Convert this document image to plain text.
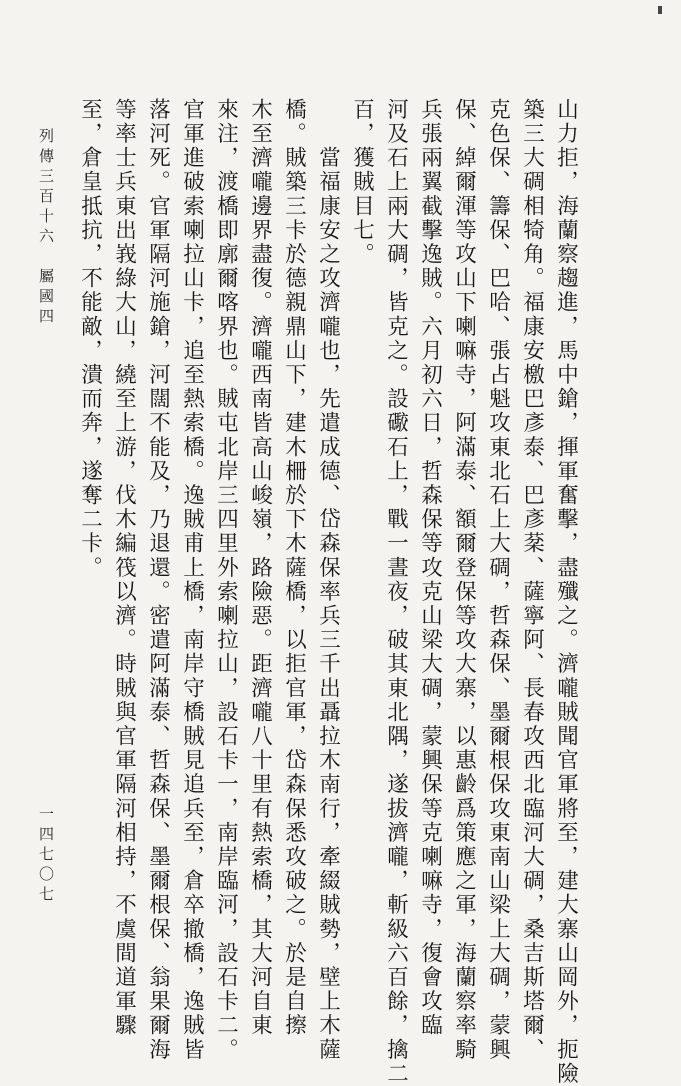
山力拒，海蘭察趨進，馬中鎗，揮軍奮擊，盡殲之。濟嚨賊聞官軍將至，建大寨山岡外，扼險
築三大碉相犄角。福康安檄巴彥泰、巴彥棻、薩寧阿、長春攻西北臨河大碉，桑吉斯塔爾、
克色保、籌保、巴哈、張占魁攻東北石上大碉，哲森保、墨爾根保攻東南山梁上大碉，蒙興
保、綽爾渾等攻山下喇嘛寺，阿滿泰、額爾登保等攻大寨，以惠齡爲策應之軍，海蘭察率騎
兵張兩翼截擊逸賊。六月初六日，哲森保等攻克山梁大碉，蒙興保等克喇嘛寺，復會攻臨
河及石上兩大碉，皆克之。設礮石上，戰一晝夜，破其東北隅，遂拔濟嚨，斬級六百餘，擒二
百，獲賊目七。
　　當福康安之攻濟嚨也，先遣成德、岱森保率兵三千出聶拉木南行，牽綴賊勢，壁上木薩
橋。賊築三卡於德親鼎山下，建木柵於下木薩橋，以拒官軍，岱森保悉攻破之。於是自擦
木至濟嚨邊界盡復。濟嚨西南皆高山峻嶺，路險惡。距濟嚨八十里有熱索橋，其大河自東
來注，渡橋即廓爾喀界也。賊屯北岸三四里外索喇拉山，設石卡一，南岸臨河，設石卡二。
官軍進破索喇拉山卡，追至熱索橋。逸賊甫上橋，南岸守橋賊見追兵至，倉卒撤橋，逸賊皆
落河死。官軍隔河施鎗，河闊不能及，乃退還。密遣阿滿泰、哲森保、墨爾根保、翁果爾海
等率士兵東出峩綠大山，繞至上游，伐木編筏以濟。時賊與官軍隔河相持，不虞間道軍驟
至，倉皇抵抗，不能敵，潰而奔，遂奪二卡。
列傳三百十六　屬國四
一四七〇七
